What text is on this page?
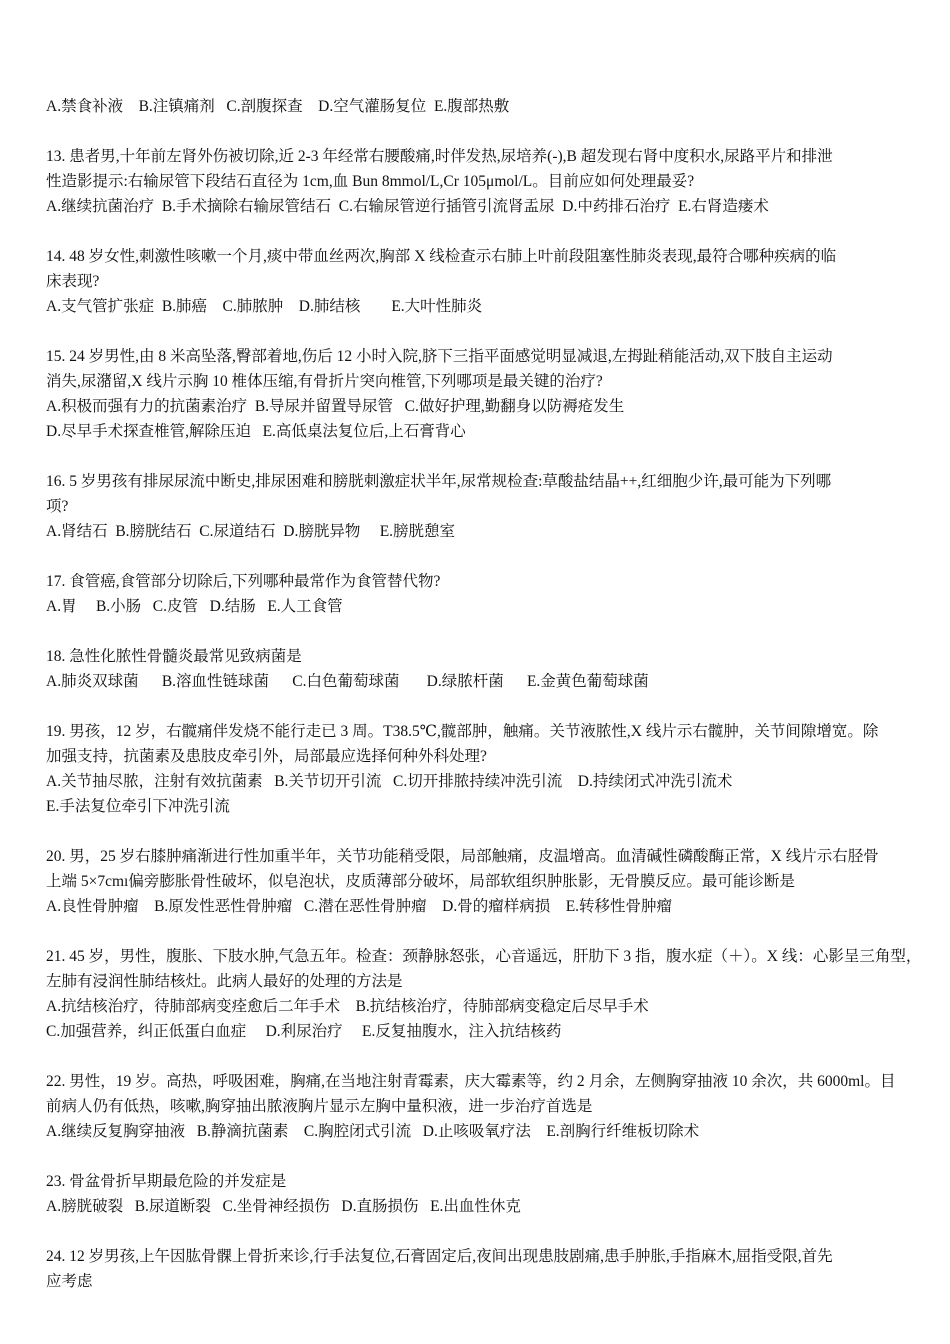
A.禁食补液    B.注镇痛剂   C.剖腹探查    D.空气灌肠复位  E.腹部热敷

13. 患者男,十年前左肾外伤被切除,近 2-3 年经常右腰酸痛,时伴发热,尿培养(-),B 超发现右肾中度积水,尿路平片和排泄

性造影提示:右输尿管下段结石直径为 1cm,血 Bun 8mmol/L,Cr 105μmol/L。目前应如何处理最妥?

A.继续抗菌治疗  B.手术摘除右输尿管结石  C.右输尿管逆行插管引流肾盂尿  D.中药排石治疗  E.右肾造瘘术

14. 48 岁女性,刺激性咳嗽一个月,痰中带血丝两次,胸部 X 线检查示右肺上叶前段阻塞性肺炎表现,最符合哪种疾病的临

床表现?

A.支气管扩张症  B.肺癌    C.肺脓肿    D.肺结核        E.大叶性肺炎

15. 24 岁男性,由 8 米高坠落,臀部着地,伤后 12 小时入院,脐下三指平面感觉明显减退,左拇趾稍能活动,双下肢自主运动

消失,尿潴留,X 线片示胸 10 椎体压缩,有骨折片突向椎管,下列哪项是最关键的治疗?

A.积极而强有力的抗菌素治疗  B.导尿并留置导尿管   C.做好护理,勤翻身以防褥疮发生

D.尽早手术探查椎管,解除压迫   E.高低桌法复位后,上石膏背心

16. 5 岁男孩有排尿尿流中断史,排尿困难和膀胱刺激症状半年,尿常规检查:草酸盐结晶++,红细胞少许,最可能为下列哪

项?

A.肾结石  B.膀胱结石  C.尿道结石  D.膀胱异物     E.膀胱憩室

17. 食管癌,食管部分切除后,下列哪种最常作为食管替代物?

A.胃     B.小肠   C.皮管   D.结肠   E.人工食管

18. 急性化脓性骨髓炎最常见致病菌是

A.肺炎双球菌      B.溶血性链球菌      C.白色葡萄球菌       D.绿脓杆菌      E.金黄色葡萄球菌

19. 男孩，12 岁，右髋痛伴发烧不能行走已 3 周。T38.5℃,髋部肿，触痛。关节液脓性,X 线片示右髋肿，关节间隙增宽。除

加强支持，抗菌素及患肢皮牵引外，局部最应选择何种外科处理?

A.关节抽尽脓，注射有效抗菌素   B.关节切开引流   C.切开排脓持续冲洗引流    D.持续闭式冲洗引流术

E.手法复位牵引下冲洗引流

20. 男，25 岁右膝肿痛渐进行性加重半年，关节功能稍受限，局部触痛，皮温增高。血清碱性磷酸酶正常，X 线片示右胫骨

上端 5×7cmı偏旁膨胀骨性破坏，似皂泡状，皮质薄部分破坏，局部软组织肿胀影，无骨膜反应。最可能诊断是

A.良性骨肿瘤    B.原发性恶性骨肿瘤   C.潜在恶性骨肿瘤    D.骨的瘤样病损    E.转移性骨肿瘤

21. 45 岁，男性，腹胀、下肢水肿,气急五年。检查：颈静脉怒张，心音遥远，肝肋下 3 指，腹水症（＋）。X 线：心影呈三角型，

左肺有浸润性肺结核灶。此病人最好的处理的方法是

A.抗结核治疗，待肺部病变痊愈后二年手术    B.抗结核治疗，待肺部病变稳定后尽早手术

C.加强营养，纠正低蛋白血症     D.利尿治疗     E.反复抽腹水，注入抗结核药

22. 男性，19 岁。高热，呼吸困难，胸痛,在当地注射青霉素，庆大霉素等，约 2 月余，左侧胸穿抽液 10 余次，共 6000ml。目

前病人仍有低热，咳嗽,胸穿抽出脓液胸片显示左胸中量积液，进一步治疗首选是

A.继续反复胸穿抽液   B.静滴抗菌素    C.胸腔闭式引流   D.止咳吸氧疗法    E.剖胸行纤维板切除术

23. 骨盆骨折早期最危险的并发症是

A.膀胱破裂   B.尿道断裂   C.坐骨神经损伤   D.直肠损伤   E.出血性休克

24. 12 岁男孩,上午因肱骨髁上骨折来诊,行手法复位,石膏固定后,夜间出现患肢剧痛,患手肿胀,手指麻木,屈指受限,首先

应考虑
